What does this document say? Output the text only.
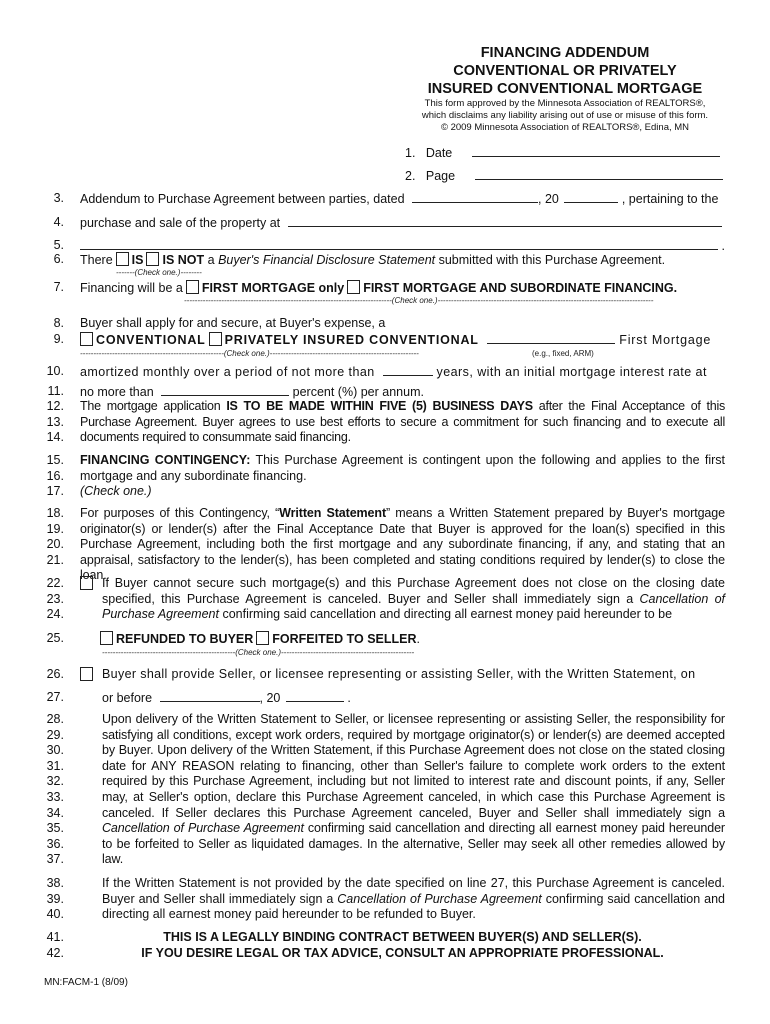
FINANCING ADDENDUM
CONVENTIONAL OR PRIVATELY
INSURED CONVENTIONAL MORTGAGE
This form approved by the Minnesota Association of REALTORS®,
which disclaims any liability arising out of use or misuse of this form.
© 2009 Minnesota Association of REALTORS®, Edina, MN
1. Date
2. Page
3. Addendum to Purchase Agreement between parties, dated	, 20	, pertaining to the
4. purchase and sale of the property at
5.	.
6. There IS IS NOT a Buyer's Financial Disclosure Statement submitted with this Purchase Agreement.
-------(Check one.)--------
7. Financing will be a FIRST MORTGAGE only FIRST MORTGAGE AND SUBORDINATE FINANCING.
------------------------------------------------------------------------------(Check one.)---------------------------------------------------------------------------------
8. Buyer shall apply for and secure, at Buyer's expense, a
9.	CONVENTIONAL PRIVATELY INSURED CONVENTIONAL	First Mortgage
------------------------------------------------------(Check one.)--------------------------------------------------------	(e.g., fixed, ARM)
10. amortized monthly over a period of not more than	years, with an initial mortgage interest rate at
11. no more than	percent (%) per annum.
12.
13.
14.
The mortgage application IS TO BE MADE WITHIN FIVE (5) BUSINESS DAYS after the Final Acceptance of this Purchase Agreement. Buyer agrees to use best efforts to secure a commitment for such financing and to execute all documents required to consummate said financing.
15.
16.
17.
FINANCING CONTINGENCY: This Purchase Agreement is contingent upon the following and applies to the first mortgage and any subordinate financing.
(Check one.)
18.
19.
20.
21.
For purposes of this Contingency, “Written Statement” means a Written Statement prepared by Buyer's mortgage originator(s) or lender(s) after the Final Acceptance Date that Buyer is approved for the loan(s) specified in this Purchase Agreement, including both the first mortgage and any subordinate financing, if any, and stating that an appraisal, satisfactory to the lender(s), has been completed and stating conditions required by lender(s) to close the loan.
22.
23.
24.
If Buyer cannot secure such mortgage(s) and this Purchase Agreement does not close on the closing date specified, this Purchase Agreement is canceled. Buyer and Seller shall immediately sign a Cancellation of Purchase Agreement confirming said cancellation and directing all earnest money paid hereunder to be
25.	REFUNDED TO BUYER FORFEITED TO SELLER.
--------------------------------------------------(Check one.)--------------------------------------------------
26.	Buyer shall provide Seller, or licensee representing or assisting Seller, with the Written Statement, on
27.	or before	, 20	.
28.
29.
30.
31.
32.
33.
34.
35.
36.
37.
Upon delivery of the Written Statement to Seller, or licensee representing or assisting Seller, the responsibility for satisfying all conditions, except work orders, required by mortgage originator(s) or lender(s) are deemed accepted by Buyer. Upon delivery of the Written Statement, if this Purchase Agreement does not close on the stated closing date for ANY REASON relating to financing, other than Seller's failure to complete work orders to the extent required by this Purchase Agreement, including but not limited to interest rate and discount points, if any, Seller may, at Seller's option, declare this Purchase Agreement canceled, in which case this Purchase Agreement is canceled. If Seller declares this Purchase Agreement canceled, Buyer and Seller shall immediately sign a Cancellation of Purchase Agreement confirming said cancellation and directing all earnest money paid hereunder to be forfeited to Seller as liquidated damages. In the alternative, Seller may seek all other remedies allowed by law.
38.
39.
40.
If the Written Statement is not provided by the date specified on line 27, this Purchase Agreement is canceled. Buyer and Seller shall immediately sign a Cancellation of Purchase Agreement confirming said cancellation and directing all earnest money paid hereunder to be refunded to Buyer.
41.	THIS IS A LEGALLY BINDING CONTRACT BETWEEN BUYER(S) AND SELLER(S).
42.	IF YOU DESIRE LEGAL OR TAX ADVICE, CONSULT AN APPROPRIATE PROFESSIONAL.
MN:FACM-1 (8/09)
